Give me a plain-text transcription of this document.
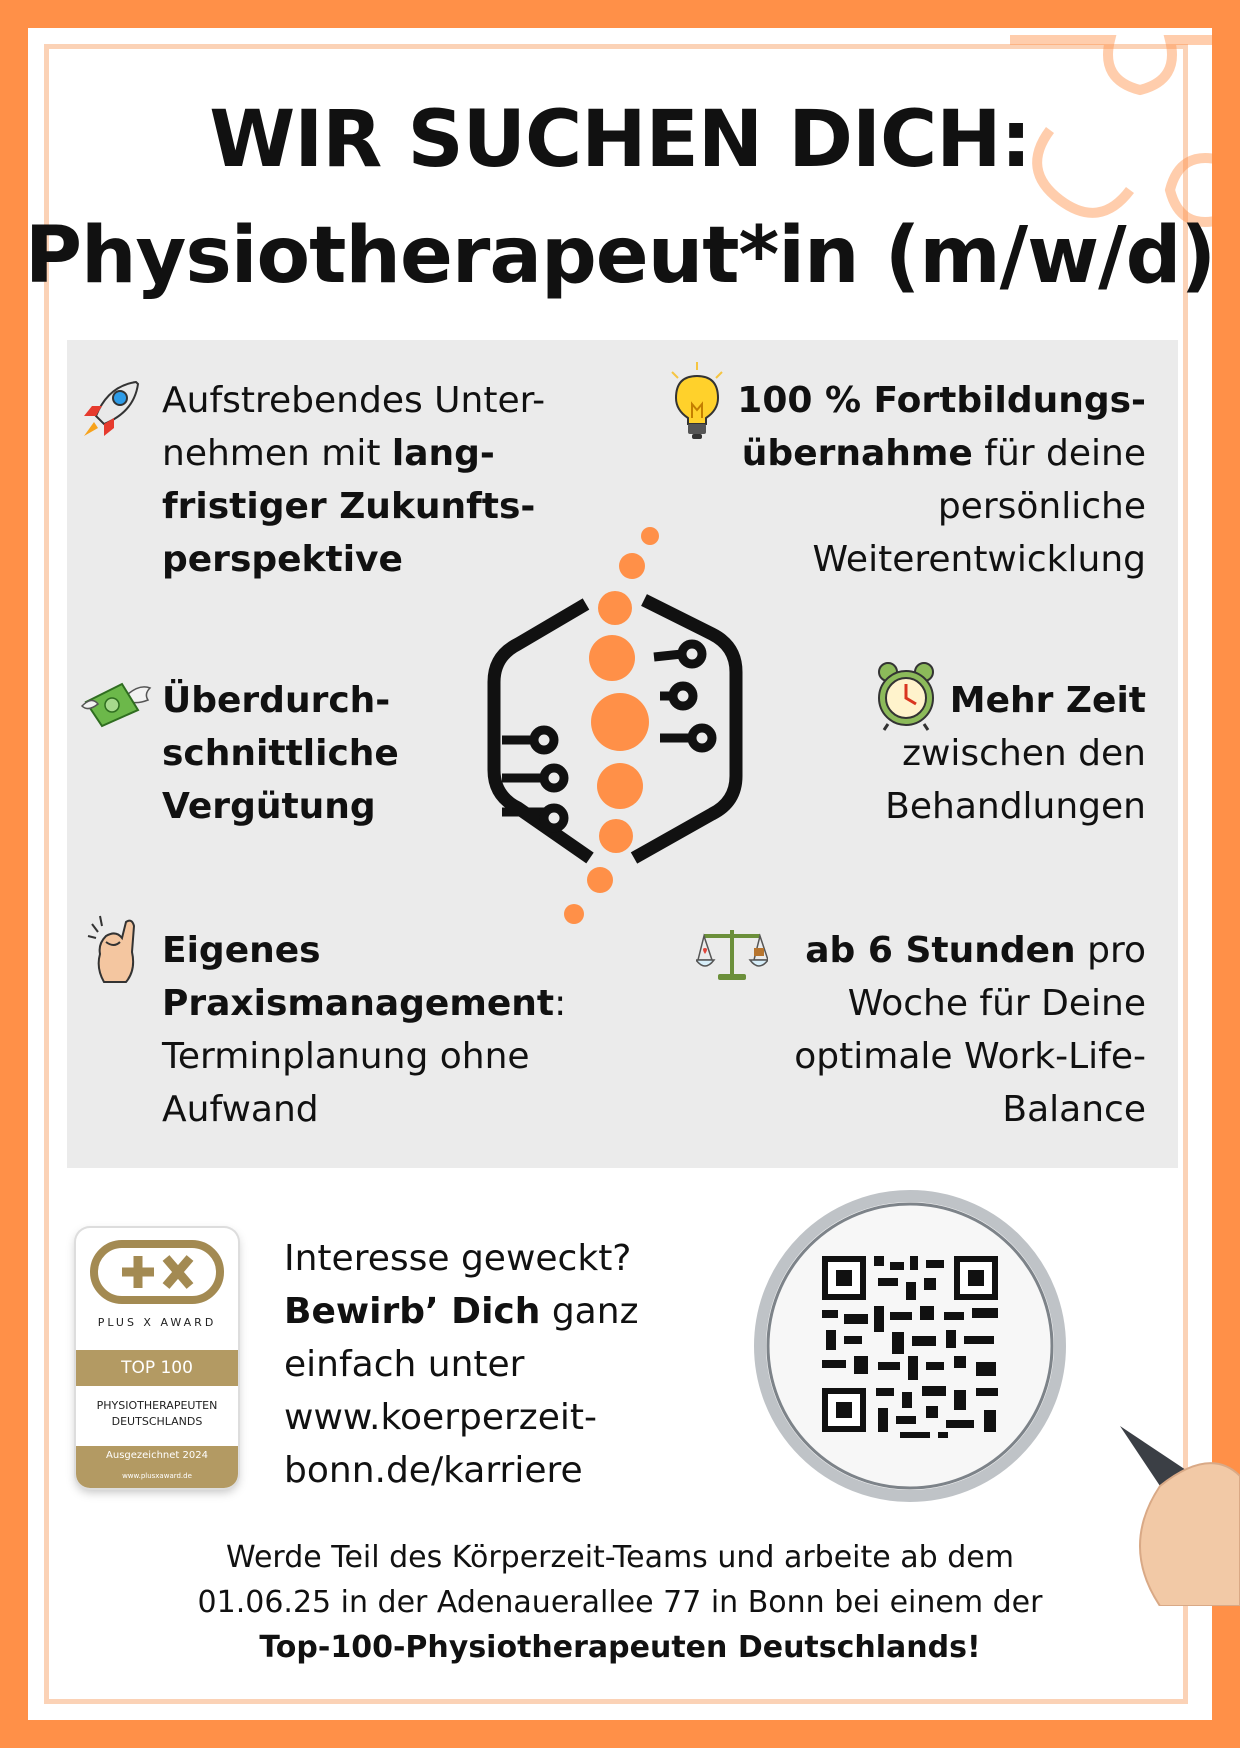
WIR SUCHEN DICH:
Physiotherapeut*in (m/w/d)
Aufstrebendes Unter-
nehmen mit lang-
fristiger Zukunfts-
perspektive
100 % Fortbildungs-
übernahme für deine
persönliche
Weiterentwicklung
Überdurch-
schnittliche
Vergütung
Mehr Zeit
zwischen den
Behandlungen
Eigenes
Praxismanagement:
Terminplanung ohne
Aufwand
ab 6 Stunden pro
Woche für Deine
optimale Work-Life-
Balance
PLUS X AWARD
TOP 100
PHYSIOTHERAPEUTEN
DEUTSCHLANDS
Ausgezeichnet 2024
www.plusxaward.de
Interesse geweckt?
Bewirb’ Dich ganz
einfach unter
www.koerperzeit-
bonn.de/karriere
Werde Teil des Körperzeit-Teams und arbeite ab dem
01.06.25 in der Adenauerallee 77 in Bonn bei einem der
Top-100-Physiotherapeuten Deutschlands!
